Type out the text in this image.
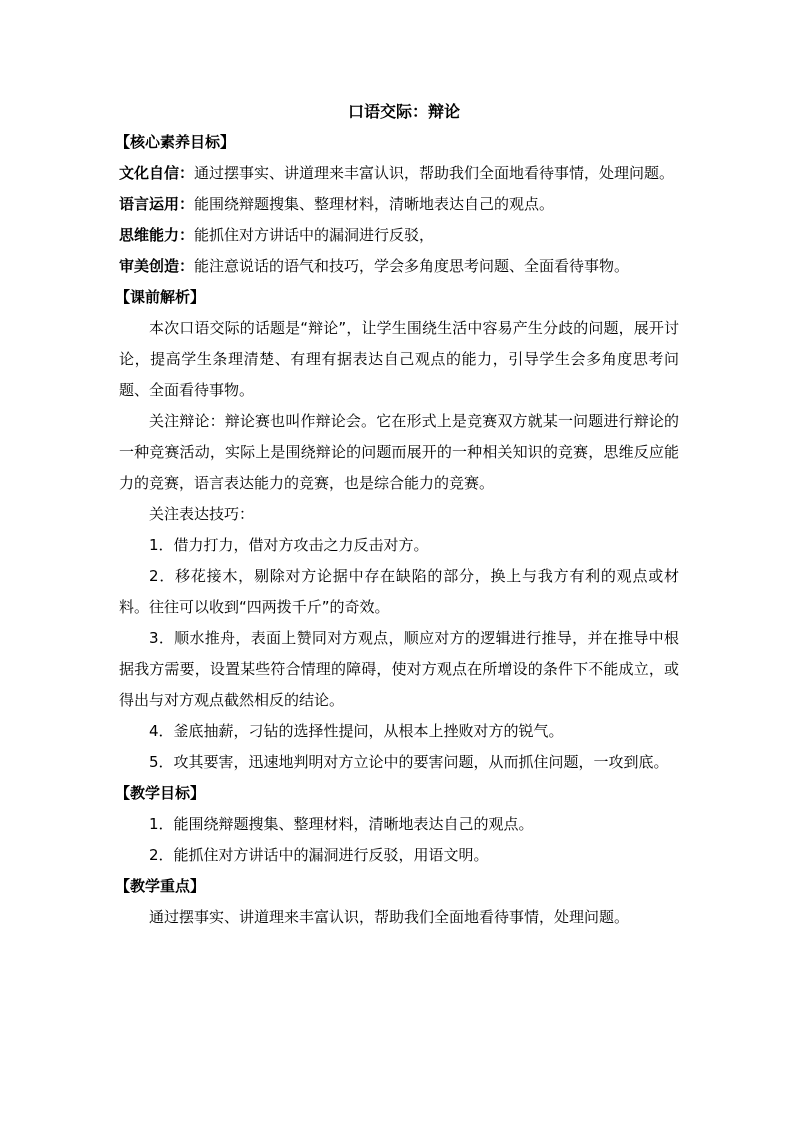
口语交际：辩论
【核心素养目标】
文化自信：通过摆事实、讲道理来丰富认识，帮助我们全面地看待事情，处理问题。
语言运用：能围绕辩题搜集、整理材料，清晰地表达自己的观点。
思维能力：能抓住对方讲话中的漏洞进行反驳，
审美创造：能注意说话的语气和技巧，学会多角度思考问题、全面看待事物。
【课前解析】
本次口语交际的话题是“辩论”，让学生围绕生活中容易产生分歧的问题，展开讨论，提高学生条理清楚、有理有据表达自己观点的能力，引导学生会多角度思考问题、全面看待事物。
关注辩论：辩论赛也叫作辩论会。它在形式上是竞赛双方就某一问题进行辩论的一种竞赛活动，实际上是围绕辩论的问题而展开的一种相关知识的竞赛，思维反应能力的竞赛，语言表达能力的竞赛，也是综合能力的竞赛。
关注表达技巧：
1．借力打力，借对方攻击之力反击对方。
2．移花接木，剔除对方论据中存在缺陷的部分，换上与我方有利的观点或材料。往往可以收到“四两拨千斤”的奇效。
3．顺水推舟，表面上赞同对方观点，顺应对方的逻辑进行推导，并在推导中根据我方需要，设置某些符合情理的障碍，使对方观点在所增设的条件下不能成立，或得出与对方观点截然相反的结论。
4．釜底抽薪，刁钻的选择性提问，从根本上挫败对方的锐气。
5．攻其要害，迅速地判明对方立论中的要害问题，从而抓住问题，一攻到底。
【教学目标】
1．能围绕辩题搜集、整理材料，清晰地表达自己的观点。
2．能抓住对方讲话中的漏洞进行反驳，用语文明。
【教学重点】
通过摆事实、讲道理来丰富认识，帮助我们全面地看待事情，处理问题。
